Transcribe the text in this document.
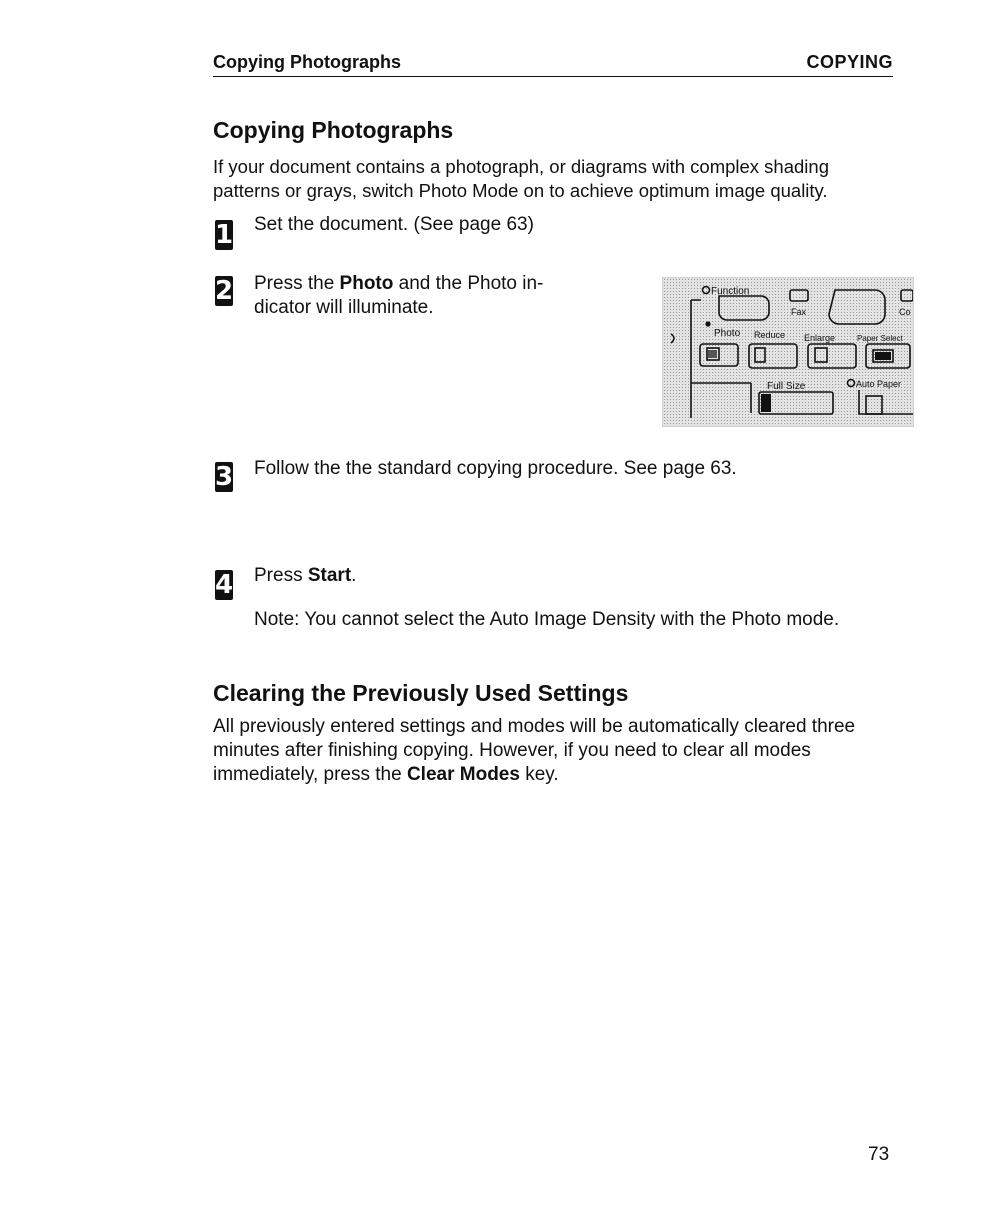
Copying Photographs	COPYING
Copying Photographs

If your document contains a photograph, or diagrams with complex shading

patterns or grays, switch Photo Mode on to achieve optimum image quality.

1 Set the document. (See page 63)
2 Press the Photo and the Photo in-
dicator will illuminate.
Function
Fax	Co
Photo Reduce Enlarge	Paper Select
Full Size	Auto Paper
3 Follow the the standard copying procedure. See page 63.
4 Press Start.
Note: You cannot select the Auto Image Density with the Photo mode.
Clearing the Previously Used Settings

All previously entered settings and modes will be automatically cleared three

minutes after finishing copying. However, if you need to clear all modes

immediately, press the Clear Modes key.

73
